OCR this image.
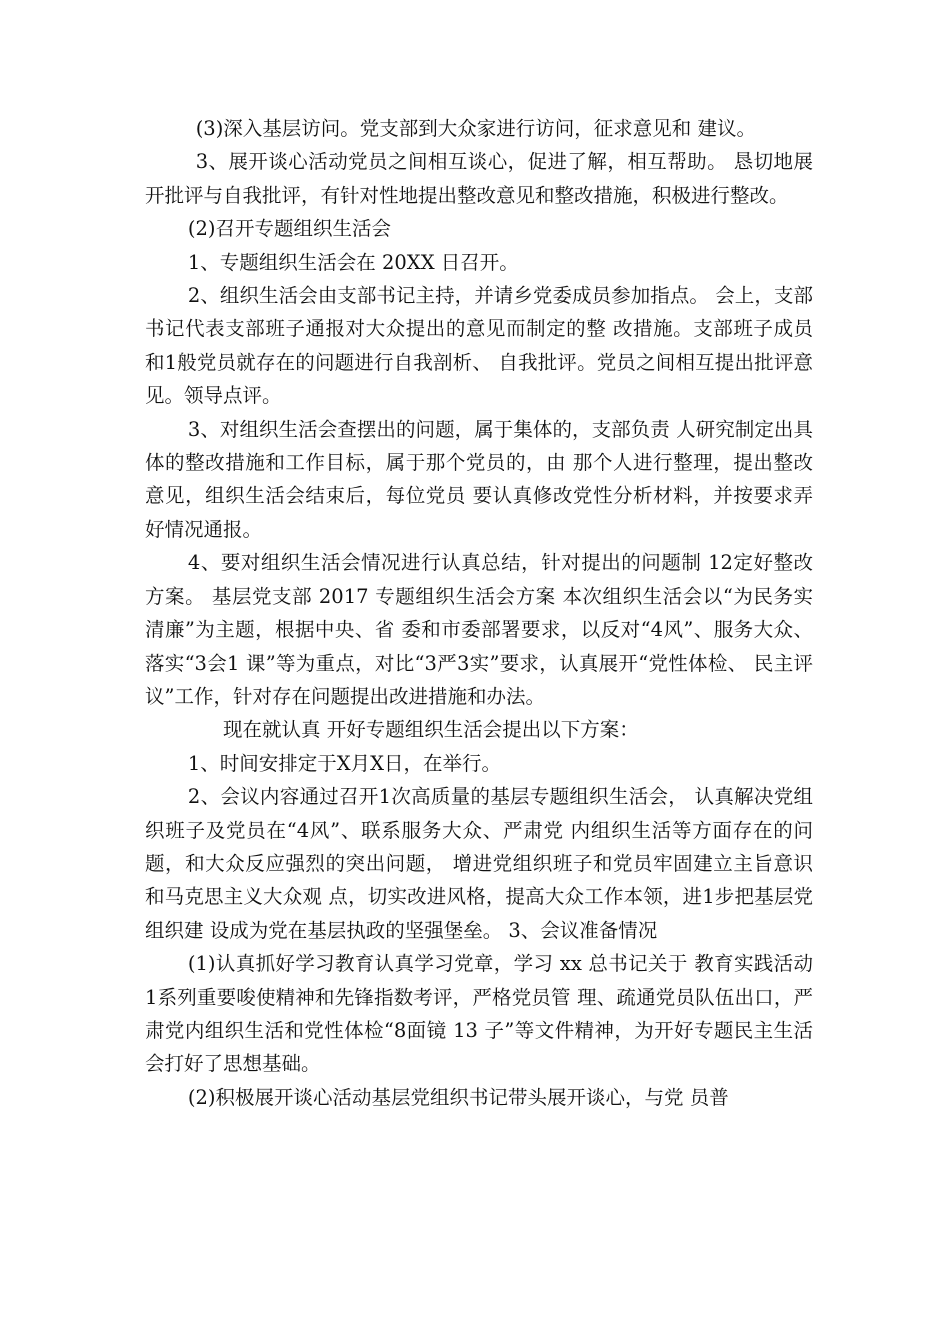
(3)深入基层访问。党支部到大众家进行访问，征求意见和 建议。

3、展开谈心活动党员之间相互谈心，促进了解，相互帮助。 恳切地展开批评与自我批评，有针对性地提出整改意见和整改措施，积极进行整改。

(2)召开专题组织生活会

1、专题组织生活会在 20XX 日召开。

2、组织生活会由支部书记主持，并请乡党委成员参加指点。 会上，支部书记代表支部班子通报对大众提出的意见而制定的整 改措施。支部班子成员和1般党员就存在的问题进行自我剖析、 自我批评。党员之间相互提出批评意见。领导点评。

3、对组织生活会查摆出的问题，属于集体的，支部负责 人研究制定出具体的整改措施和工作目标，属于那个党员的，由 那个人进行整理，提出整改意见，组织生活会结束后，每位党员 要认真修改党性分析材料，并按要求弄好情况通报。

4、要对组织生活会情况进行认真总结，针对提出的问题制 12定好整改方案。 基层党支部 2017 专题组织生活会方案 本次组织生活会以“为民务实清廉”为主题，根据中央、省 委和市委部署要求，以反对“4风”、服务大众、落实“3会1 课”等为重点，对比“3严3实”要求，认真展开“党性体检、 民主评议”工作，针对存在问题提出改进措施和办法。

现在就认真 开好专题组织生活会提出以下方案：

1、时间安排定于X月X日，在举行。

2、会议内容通过召开1次高质量的基层专题组织生活会， 认真解决党组织班子及党员在“4风”、联系服务大众、严肃党 内组织生活等方面存在的问题，和大众反应强烈的突出问题， 增进党组织班子和党员牢固建立主旨意识和马克思主义大众观 点，切实改进风格，提高大众工作本领，进1步把基层党组织建 设成为党在基层执政的坚强堡垒。 3、会议准备情况

(1)认真抓好学习教育认真学习党章，学习 xx 总书记关于 教育实践活动1系列重要唆使精神和先锋指数考评，严格党员管 理、疏通党员队伍出口，严肃党内组织生活和党性体检“8面镜 13 子”等文件精神，为开好专题民主生活会打好了思想基础。

(2)积极展开谈心活动基层党组织书记带头展开谈心，与党 员普
